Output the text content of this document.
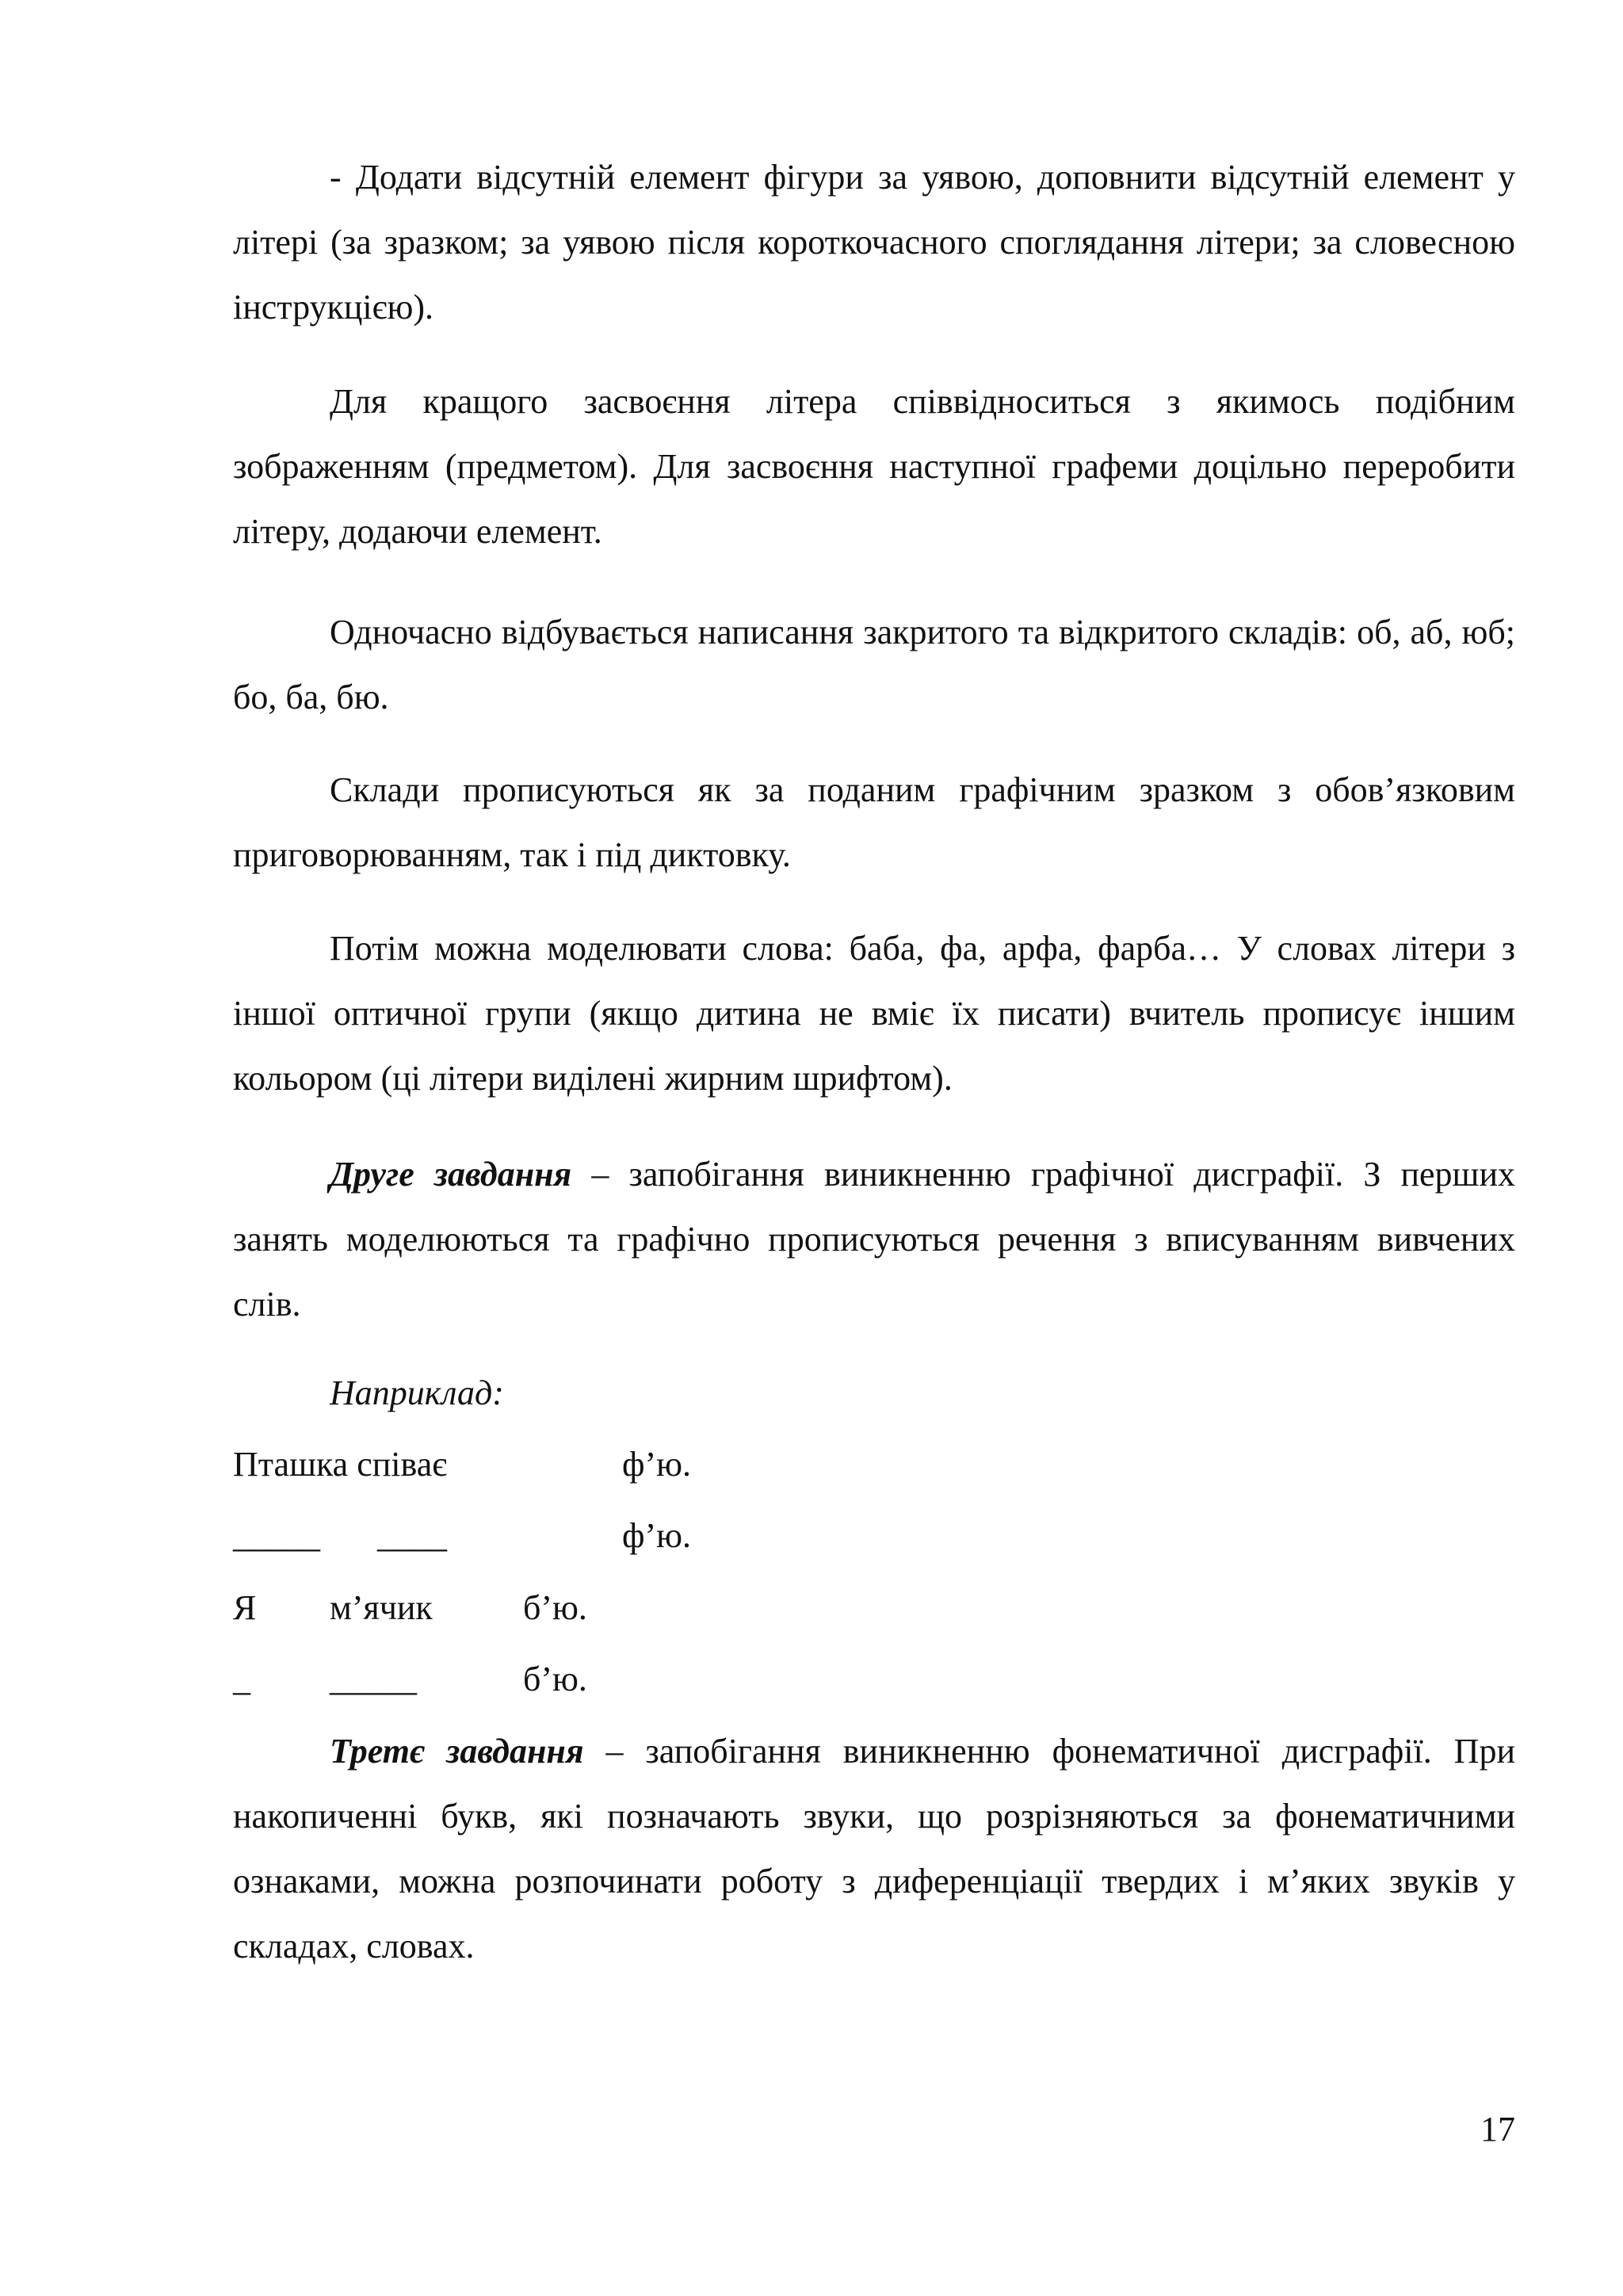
- Додати відсутній елемент фігури за уявою, доповнити відсутній елемент у літері (за зразком; за уявою після короткочасного споглядання літери; за словесною інструкцією).

Для кращого засвоєння літера співвідноситься з якимось подібним зображенням (предметом). Для засвоєння наступної графеми доцільно переробити літеру, додаючи елемент.

Одночасно відбувається написання закритого та відкритого складів: об, аб, юб; бо, ба, бю.

Склади прописуються як за поданим графічним зразком з обов’язковим приговорюванням, так і під диктовку.

Потім можна моделювати слова: баба, фа, арфа, фарба… У словах літери з іншої оптичної групи (якщо дитина не вміє їх писати) вчитель прописує іншим кольором (ці літери виділені жирним шрифтом).

Друге завдання – запобігання виникненню графічної дисграфії. З перших занять моделюються та графічно прописуються речення з вписуванням вивчених слів.

Наприклад:

Пташка співає	ф’ю.

_____ ____	ф’ю.

Я м’ячик	б’ю.

_ _____	б’ю.

Третє завдання – запобігання виникненню фонематичної дисграфії. При накопиченні букв, які позначають звуки, що розрізняються за фонематичними ознаками, можна розпочинати роботу з диференціації твердих і м’яких звуків у складах, словах.

17
